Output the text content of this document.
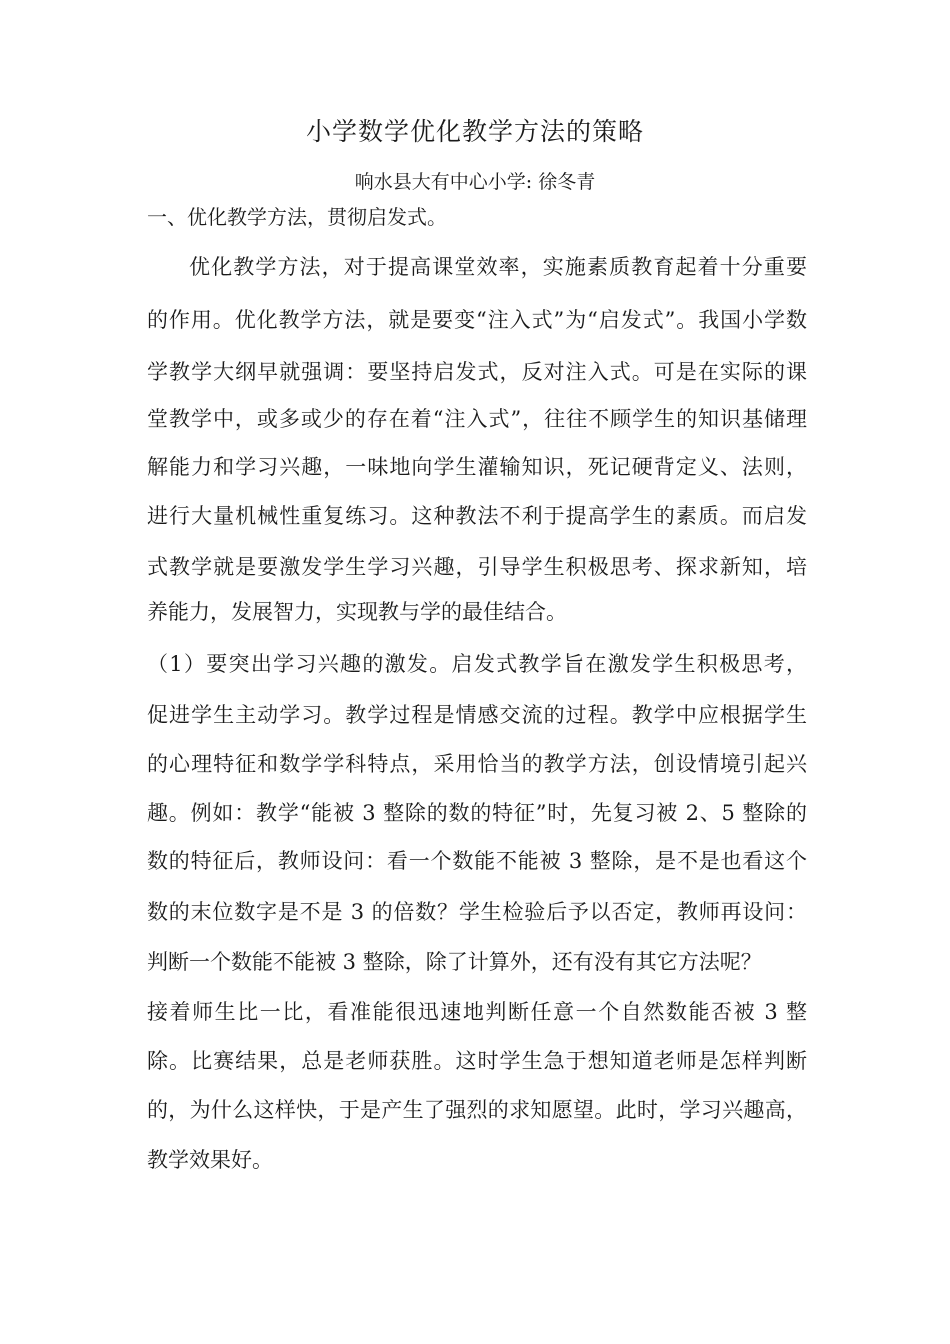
小学数学优化教学方法的策略
响水县大有中心小学: 徐冬青
一、优化教学方法，贯彻启发式。
优化教学方法，对于提高课堂效率，实施素质教育起着十分重要
的作用。优化教学方法，就是要变“注入式”为“启发式”。我国小学数
学教学大纲早就强调：要坚持启发式，反对注入式。可是在实际的课
堂教学中，或多或少的存在着“注入式”，往往不顾学生的知识基储理
解能力和学习兴趣，一味地向学生灌输知识，死记硬背定义、法则，
进行大量机械性重复练习。这种教法不利于提高学生的素质。而启发
式教学就是要激发学生学习兴趣，引导学生积极思考、探求新知，培
养能力，发展智力，实现教与学的最佳结合。
（1）要突出学习兴趣的激发。启发式教学旨在激发学生积极思考，
促进学生主动学习。教学过程是情感交流的过程。教学中应根据学生
的心理特征和数学学科特点，采用恰当的教学方法，创设情境引起兴
趣。例如：教学“能被 3 整除的数的特征”时，先复习被 2、5 整除的
数的特征后，教师设问：看一个数能不能被 3 整除，是不是也看这个
数的末位数字是不是 3 的倍数？学生检验后予以否定，教师再设问：
判断一个数能不能被 3 整除，除了计算外，还有没有其它方法呢？
接着师生比一比，看准能很迅速地判断任意一个自然数能否被 3 整
除。比赛结果，总是老师获胜。这时学生急于想知道老师是怎样判断
的，为什么这样快，于是产生了强烈的求知愿望。此时，学习兴趣高，
教学效果好。
